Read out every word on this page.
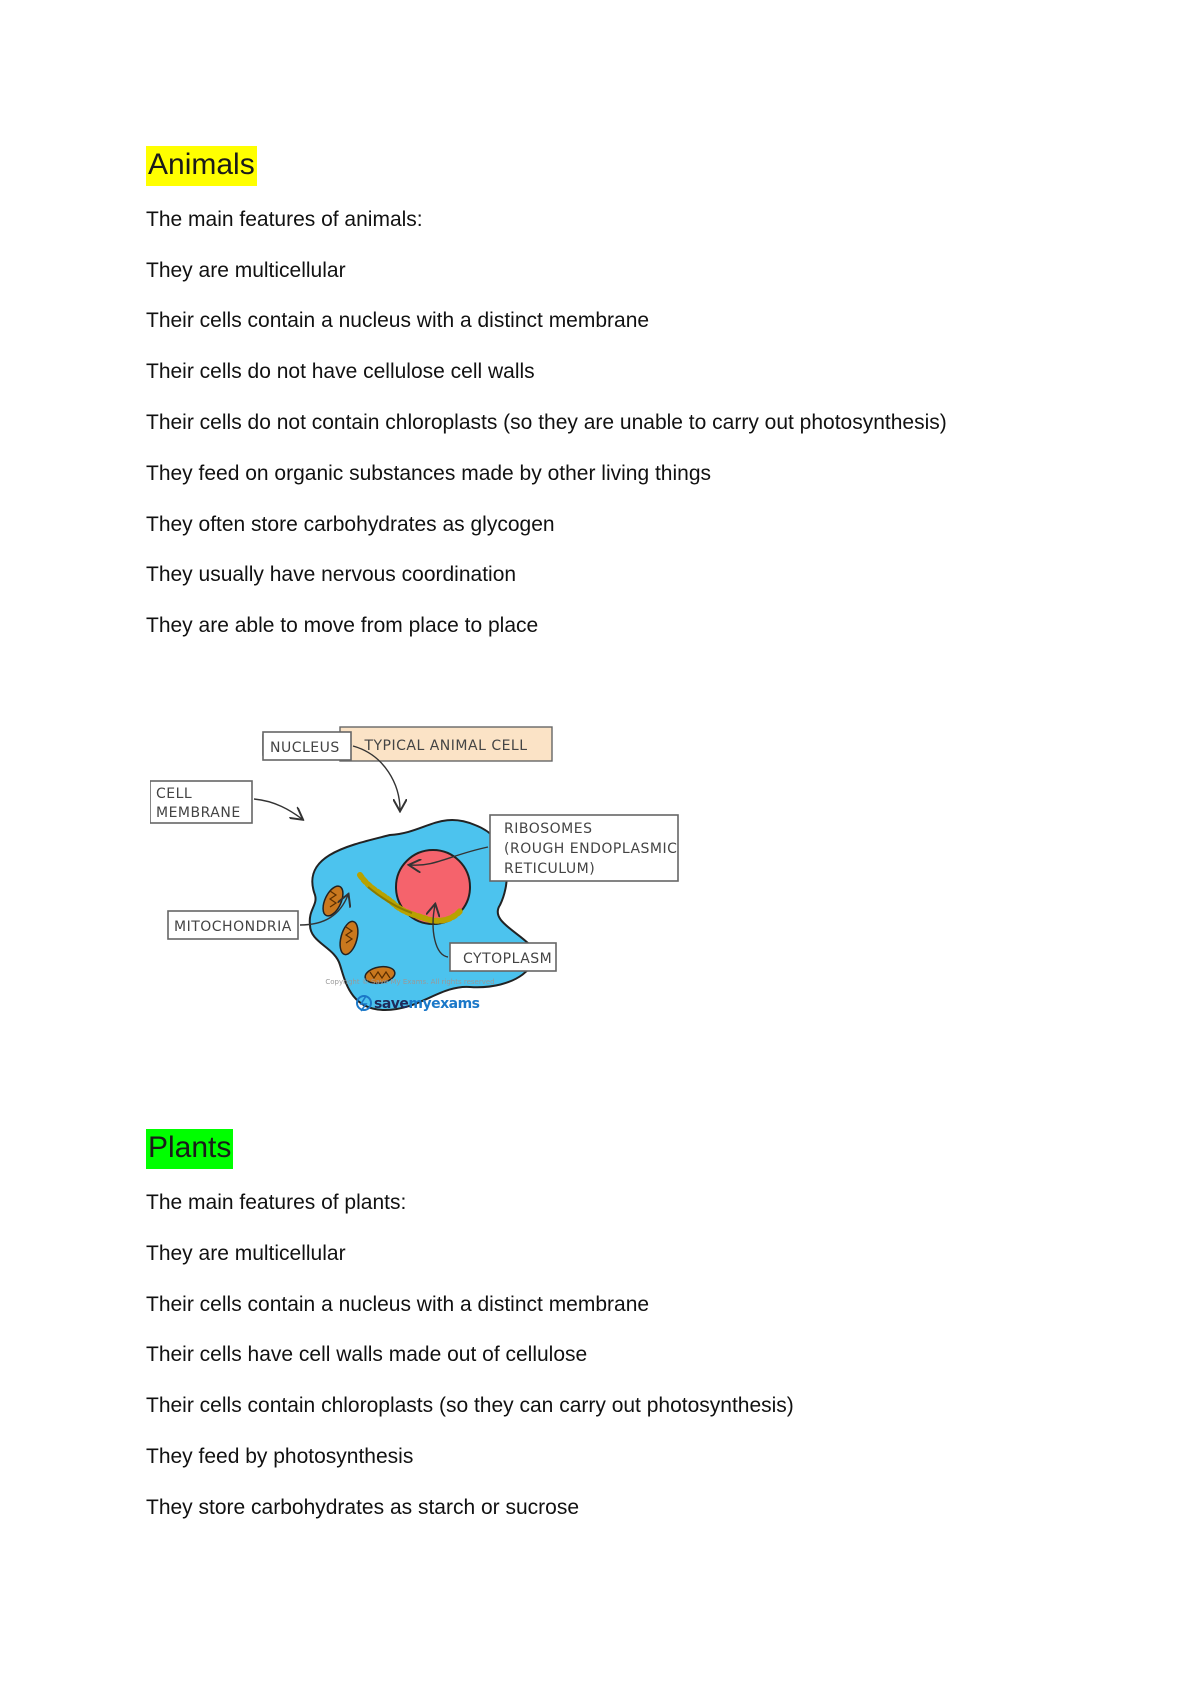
Animals
The main features of animals:
They are multicellular
Their cells contain a nucleus with a distinct membrane
Their cells do not have cellulose cell walls
Their cells do not contain chloroplasts (so they are unable to carry out photosynthesis)
They feed on organic substances made by other living things
They often store carbohydrates as glycogen
They usually have nervous coordination
They are able to move from place to place
TYPICAL ANIMAL CELL
NUCLEUS
CELL
MEMBRANE
RIBOSOMES
(ROUGH ENDOPLASMIC
RETICULUM)
MITOCHONDRIA
CYTOPLASM
Copyright © Save My Exams. All rights reserved
savemyexams
Plants
The main features of plants:
They are multicellular
Their cells contain a nucleus with a distinct membrane
Their cells have cell walls made out of cellulose
Their cells contain chloroplasts (so they can carry out photosynthesis)
They feed by photosynthesis
They store carbohydrates as starch or sucrose
